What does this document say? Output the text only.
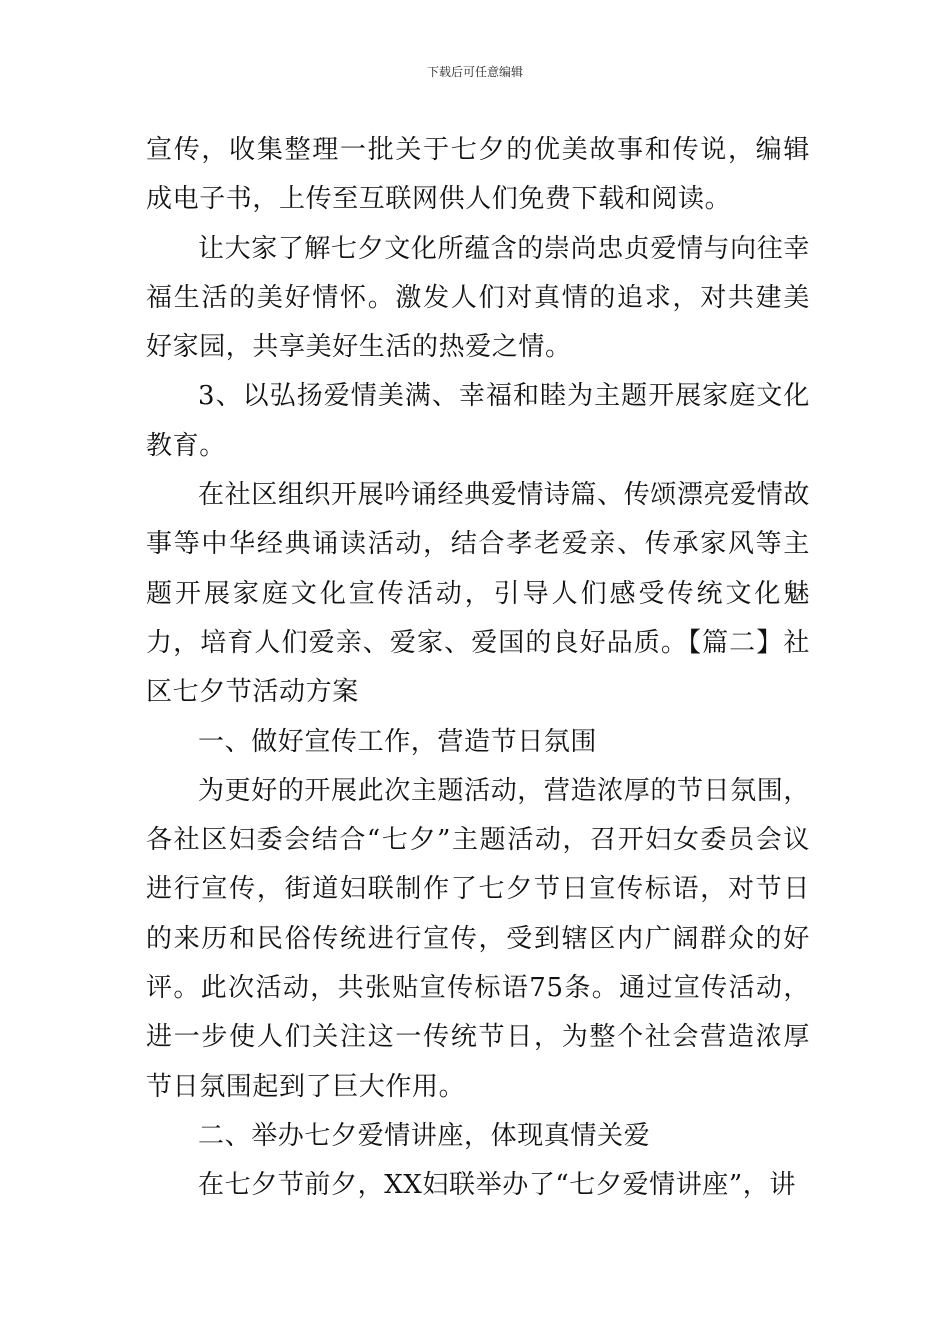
下载后可任意编辑

宣传，收集整理一批关于七夕的优美故事和传说，编辑成电子书，上传至互联网供人们免费下载和阅读。

让大家了解七夕文化所蕴含的崇尚忠贞爱情与向往幸福生活的美好情怀。激发人们对真情的追求，对共建美好家园，共享美好生活的热爱之情。

3、以弘扬爱情美满、幸福和睦为主题开展家庭文化教育。

在社区组织开展吟诵经典爱情诗篇、传颂漂亮爱情故事等中华经典诵读活动，结合孝老爱亲、传承家风等主题开展家庭文化宣传活动，引导人们感受传统文化魅力，培育人们爱亲、爱家、爱国的良好品质。【篇二】社区七夕节活动方案

一、做好宣传工作，营造节日氛围

为更好的开展此次主题活动，营造浓厚的节日氛围，各社区妇委会结合“七夕”主题活动，召开妇女委员会议进行宣传，街道妇联制作了七夕节日宣传标语，对节日的来历和民俗传统进行宣传，受到辖区内广阔群众的好评。此次活动，共张贴宣传标语75条。通过宣传活动，进一步使人们关注这一传统节日，为整个社会营造浓厚节日氛围起到了巨大作用。

二、举办七夕爱情讲座，体现真情关爱

在七夕节前夕，XX妇联举办了“七夕爱情讲座”，讲
